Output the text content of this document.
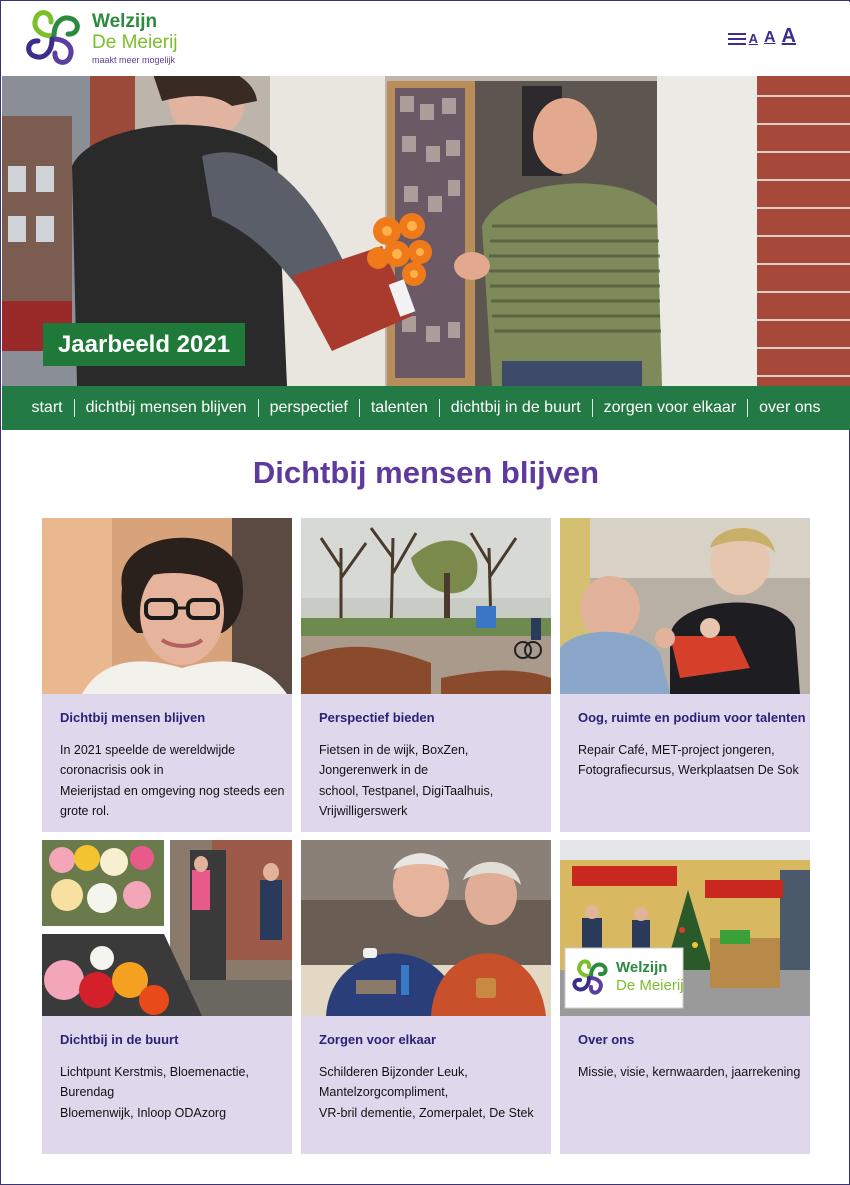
Welzijn
De Meierij
maakt meer mogelijk
A A A
Jaarbeeld 2021
start	dichtbij mensen blijven	perspectief	talenten	dichtbij in de buurt	zorgen voor elkaar	over ons
Dichtbij mensen blijven
Dichtbij mensen blijven
In 2021 speelde de wereldwijde
coronacrisis ook in
Meierijstad en omgeving nog steeds een grote rol.
Perspectief bieden
Fietsen in de wijk, BoxZen, Jongerenwerk in de
school, Testpanel, DigiTaalhuis,
Vrijwilligerswerk
Oog, ruimte en podium voor talenten
Repair Café, MET-project jongeren,
Fotografiecursus, Werkplaatsen De Sok
Dichtbij in de buurt
Lichtpunt Kerstmis, Bloemenactie,
Burendag
Bloemenwijk, Inloop ODAzorg
Zorgen voor elkaar
Schilderen Bijzonder Leuk,
Mantelzorgcompliment,
VR-bril dementie, Zomerpalet, De Stek
Welzijn
De Meierij
Over ons
Missie, visie, kernwaarden, jaarrekening
